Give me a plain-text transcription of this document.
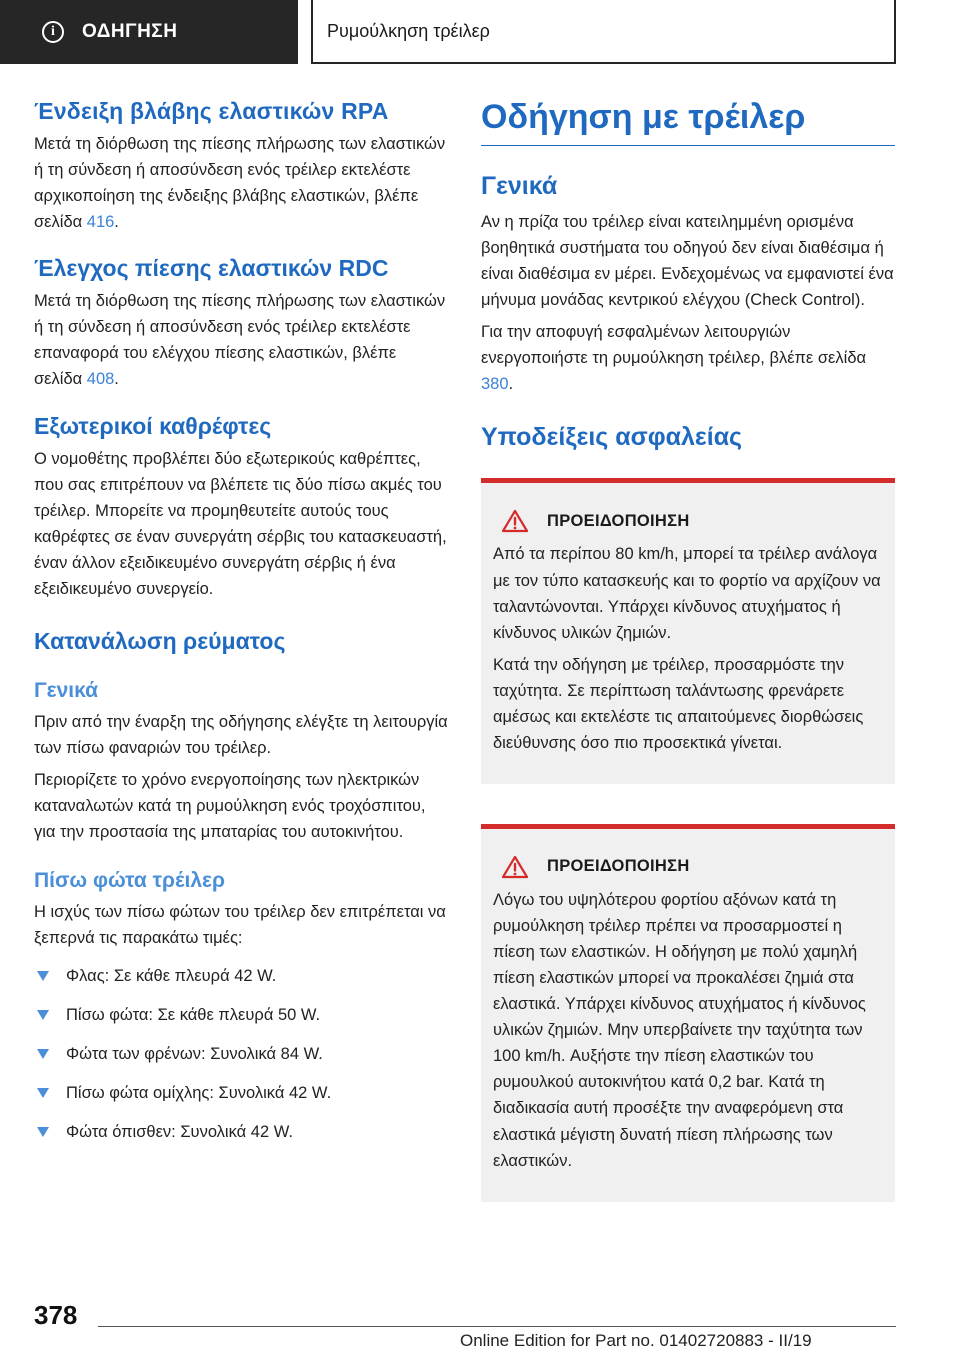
i	ΟΔΗΓΗΣΗ	Ρυμούλκηση τρέιλερ
Ένδειξη βλάβης ελαστικών RPA

Μετά τη διόρθωση της πίεσης πλήρωσης των ελαστικών ή τη σύνδεση ή αποσύνδεση ενός τρέιλερ εκτελέστε αρχικοποίηση της ένδειξης βλάβης ελαστικών, βλέπε σελίδα 416.

Έλεγχος πίεσης ελαστικών RDC

Μετά τη διόρθωση της πίεσης πλήρωσης των ελαστικών ή τη σύνδεση ή αποσύνδεση ενός τρέιλερ εκτελέστε επαναφορά του ελέγχου πίεσης ελαστικών, βλέπε σελίδα 408.

Εξωτερικοί καθρέφτες

Ο νομοθέτης προβλέπει δύο εξωτερικούς καθρέπτες, που σας επιτρέπουν να βλέπετε τις δύο πίσω ακμές του τρέιλερ. Μπορείτε να προμηθευτείτε αυτούς τους καθρέφτες σε έναν συνεργάτη σέρβις του κατασκευαστή, έναν άλλον εξειδικευμένο συνεργάτη σέρβις ή ένα εξειδικευμένο συνεργείο.

Κατανάλωση ρεύματος
Γενικά

Πριν από την έναρξη της οδήγησης ελέγξτε τη λειτουργία των πίσω φαναριών του τρέιλερ.

Περιορίζετε το χρόνο ενεργοποίησης των ηλεκτρικών καταναλωτών κατά τη ρυμούλκηση ενός τροχόσπιτου, για την προστασία της μπαταρίας του αυτοκινήτου.

Πίσω φώτα τρέιλερ

Η ισχύς των πίσω φώτων του τρέιλερ δεν επιτρέπεται να ξεπερνά τις παρακάτω τιμές:

Φλας: Σε κάθε πλευρά 42 W.
Πίσω φώτα: Σε κάθε πλευρά 50 W.
Φώτα των φρένων: Συνολικά 84 W.
Πίσω φώτα ομίχλης: Συνολικά 42 W.
Φώτα όπισθεν: Συνολικά 42 W.
Οδήγηση με τρέιλερ
Γενικά

Αν η πρίζα του τρέιλερ είναι κατειλημμένη ορισμένα βοηθητικά συστήματα του οδηγού δεν είναι διαθέσιμα ή είναι διαθέσιμα εν μέρει. Ενδεχομένως να εμφανιστεί ένα μήνυμα μονάδας κεντρικού ελέγχου (Check Control).

Για την αποφυγή εσφαλμένων λειτουργιών ενεργοποιήστε τη ρυμούλκηση τρέιλερ, βλέπε σελίδα 380.

Υποδείξεις ασφαλείας
ΠΡΟΕΙΔΟΠΟΙΗΣΗ

Από τα περίπου 80 km/h, μπορεί τα τρέιλερ ανάλογα με τον τύπο κατασκευής και το φορτίο να αρχίζουν να ταλαντώνονται. Υπάρχει κίνδυνος ατυχήματος ή κίνδυνος υλικών ζημιών.

Κατά την οδήγηση με τρέιλερ, προσαρμόστε την ταχύτητα. Σε περίπτωση ταλάντωσης φρενάρετε αμέσως και εκτελέστε τις απαιτούμενες διορθώσεις διεύθυνσης όσο πιο προσεκτικά γίνεται.

ΠΡΟΕΙΔΟΠΟΙΗΣΗ

Λόγω του υψηλότερου φορτίου αξόνων κατά τη ρυμούλκηση τρέιλερ πρέπει να προσαρμοστεί η πίεση των ελαστικών. Η οδήγηση με πολύ χαμηλή πίεση ελαστικών μπορεί να προκαλέσει ζημιά στα ελαστικά. Υπάρχει κίνδυνος ατυχήματος ή κίνδυνος υλικών ζημιών. Μην υπερβαίνετε την ταχύτητα των 100 km/h. Αυξήστε την πίεση ελαστικών του ρυμουλκού αυτοκινήτου κατά 0,2 bar. Κατά τη διαδικασία αυτή προσέξτε την αναφερόμενη στα ελαστικά μέγιστη δυνατή πίεση πλήρωσης των ελαστικών.

378
Online Edition for Part no. 01402720883 - II/19
